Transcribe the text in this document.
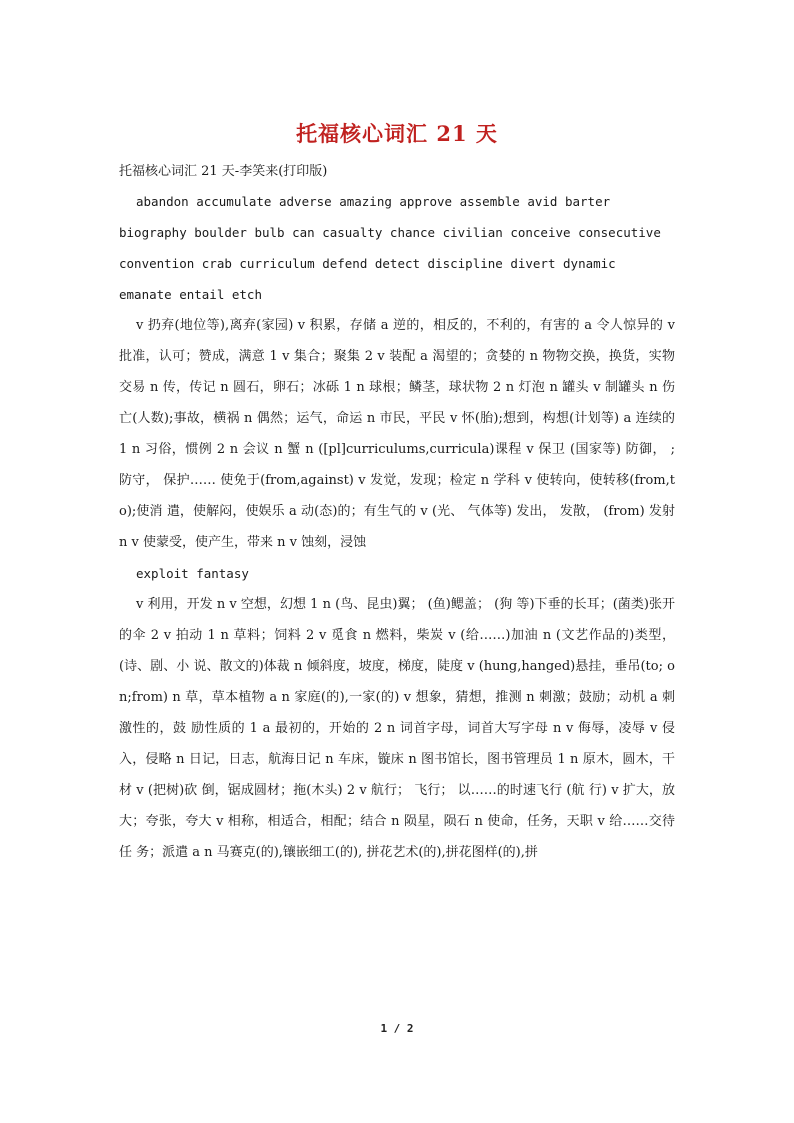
托福核心词汇 21 天
托福核心词汇 21 天-李笑来(打印版)

abandon accumulate adverse amazing approve assemble avid barter biography boulder bulb can casualty chance civilian conceive consecutive convention crab curriculum defend detect discipline divert dynamic emanate entail etch

v 扔弃(地位等),离弃(家园) v 积累，存储 a 逆的，相反的，不利的，有害的 a 令人惊异的 v 批准，认可；赞成，满意 1 v 集合；聚集 2 v 装配 a 渴望的；贪婪的 n 物物交换，换货，实物交易 n 传，传记 n 圆石，卵石；冰砾 1 n 球根；鳞茎，球状物 2 n 灯泡 n 罐头 v 制罐头 n 伤亡(人数);事故，横祸 n 偶然；运气，命运 n 市民，平民 v 怀(胎);想到，构想(计划等) a 连续的 1 n 习俗，惯例 2 n 会议 n 蟹 n ([pl]curriculums,curricula)课程 v 保卫 (国家等) 防御， ; 防守， 保护…… 使免于(from,against) v 发觉，发现；检定 n 学科 v 使转向，使转移(from,to);使消 遣，使解闷，使娱乐 a 动(态)的；有生气的 v (光、 气体等) 发出， 发散， (from) 发射 n v 使蒙受，使产生，带来 n v 蚀刻，浸蚀

exploit fantasy

v 利用，开发 n v 空想，幻想 1 n (鸟、昆虫)翼； (鱼)鳃盖； (狗 等)下垂的长耳；(菌类)张开的伞 2 v 拍动 1 n 草料；饲料 2 v 觅食 n 燃料，柴炭 v (给……)加油 n (文艺作品的)类型，(诗、剧、小 说、散文的)体裁 n 倾斜度，坡度，梯度，陡度 v (hung,hanged)悬挂，垂吊(to; on;from) n 草，草本植物 a n 家庭(的),一家(的) v 想象，猜想，推测 n 刺激；鼓励；动机 a 刺激性的，鼓 励性质的 1 a 最初的，开始的 2 n 词首字母，词首大写字母 n v 侮辱，凌辱 v 侵入，侵略 n 日记，日志，航海日记 n 车床，镟床 n 图书馆长，图书管理员 1 n 原木，圆木，干材 v (把树)砍 倒，锯成圆材；拖(木头) 2 v 航行； 飞行； 以……的时速飞行 (航 行) v 扩大，放大；夸张，夸大 v 相称，相适合，相配；结合 n 陨星，陨石 n 使命，任务，天职 v 给……交待任 务；派遣 a n 马赛克(的),镶嵌细工(的), 拼花艺术(的),拼花图样(的),拼

1 / 2
